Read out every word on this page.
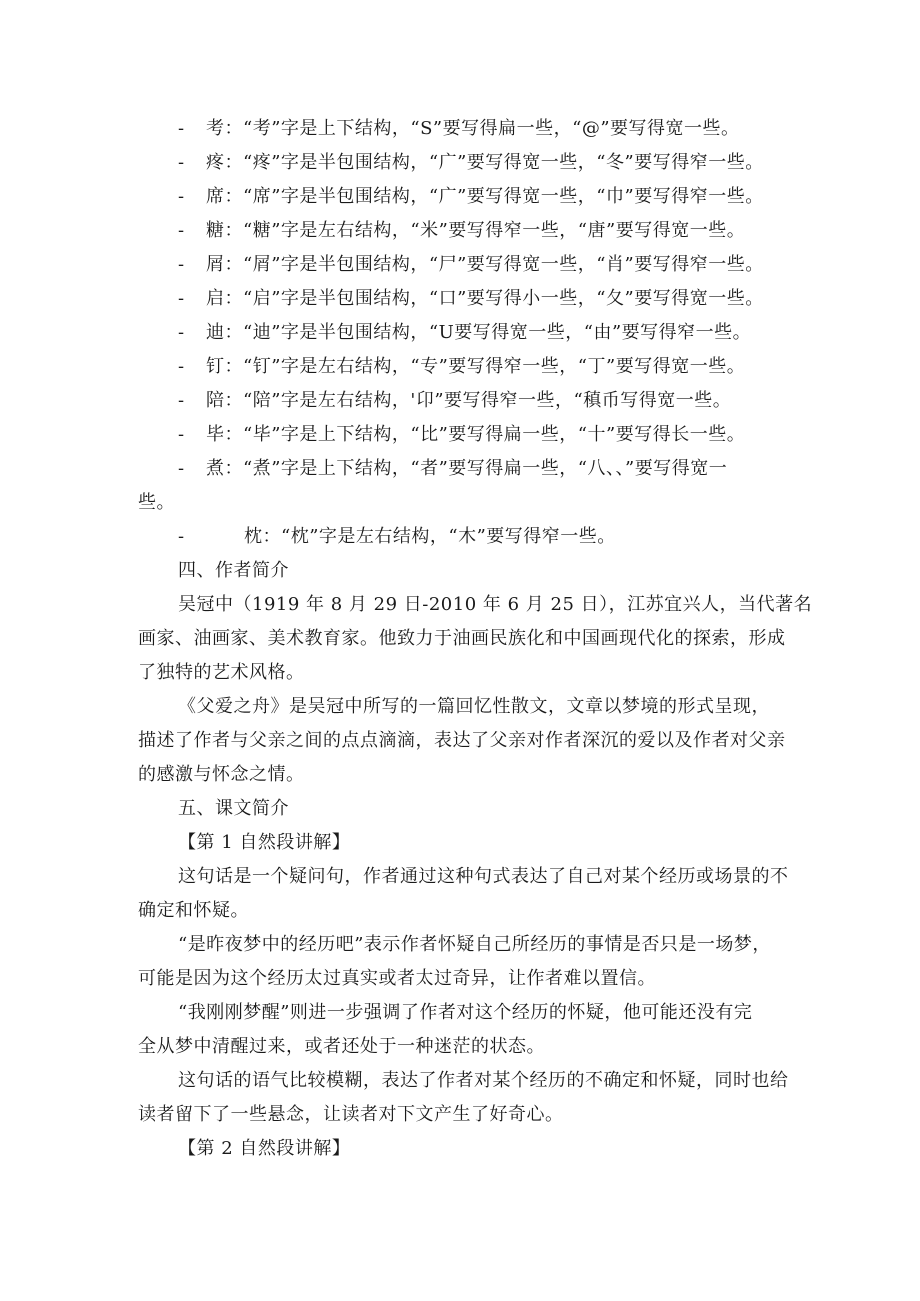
- 考：“考”字是上下结构，“S”要写得扁一些，“@”要写得宽一些。
- 疼：“疼”字是半包围结构，“广”要写得宽一些，“冬”要写得窄一些。
- 席：“席”字是半包围结构，“广”要写得宽一些，“巾”要写得窄一些。
- 糖：“糖”字是左右结构，“米”要写得窄一些，“唐”要写得宽一些。
- 屑：“屑”字是半包围结构，“尸”要写得宽一些，“肖”要写得窄一些。
- 启：“启”字是半包围结构，“口”要写得小一些，“夂”要写得宽一些。
- 迪：“迪”字是半包围结构，“U要写得宽一些，“由”要写得窄一些。
- 钉：“钉”字是左右结构，“专”要写得窄一些，“丁”要写得宽一些。
- 陪：“陪”字是左右结构，'卬”要写得窄一些，“稹币写得宽一些。
- 毕：“毕”字是上下结构，“比”要写得扁一些，“十”要写得长一些。
- 煮：“煮”字是上下结构，“者”要写得扁一些，“八、、”要写得宽一
些。
-	枕：“枕”字是左右结构，“木”要写得窄一些。
四、作者简介
吴冠中（1919 年 8 月 29 日-2010 年 6 月 25 日），江苏宜兴人，当代著名
画家、油画家、美术教育家。他致力于油画民族化和中国画现代化的探索，形成
了独特的艺术风格。
《父爱之舟》是吴冠中所写的一篇回忆性散文，文章以梦境的形式呈现，
描述了作者与父亲之间的点点滴滴，表达了父亲对作者深沉的爱以及作者对父亲
的感激与怀念之情。
五、课文简介
【第 1 自然段讲解】
这句话是一个疑问句，作者通过这种句式表达了自己对某个经历或场景的不
确定和怀疑。
“是昨夜梦中的经历吧”表示作者怀疑自己所经历的事情是否只是一场梦，
可能是因为这个经历太过真实或者太过奇异，让作者难以置信。
“我刚刚梦醒”则进一步强调了作者对这个经历的怀疑，他可能还没有完
全从梦中清醒过来，或者还处于一种迷茫的状态。
这句话的语气比较模糊，表达了作者对某个经历的不确定和怀疑，同时也给
读者留下了一些悬念，让读者对下文产生了好奇心。
【第 2 自然段讲解】
